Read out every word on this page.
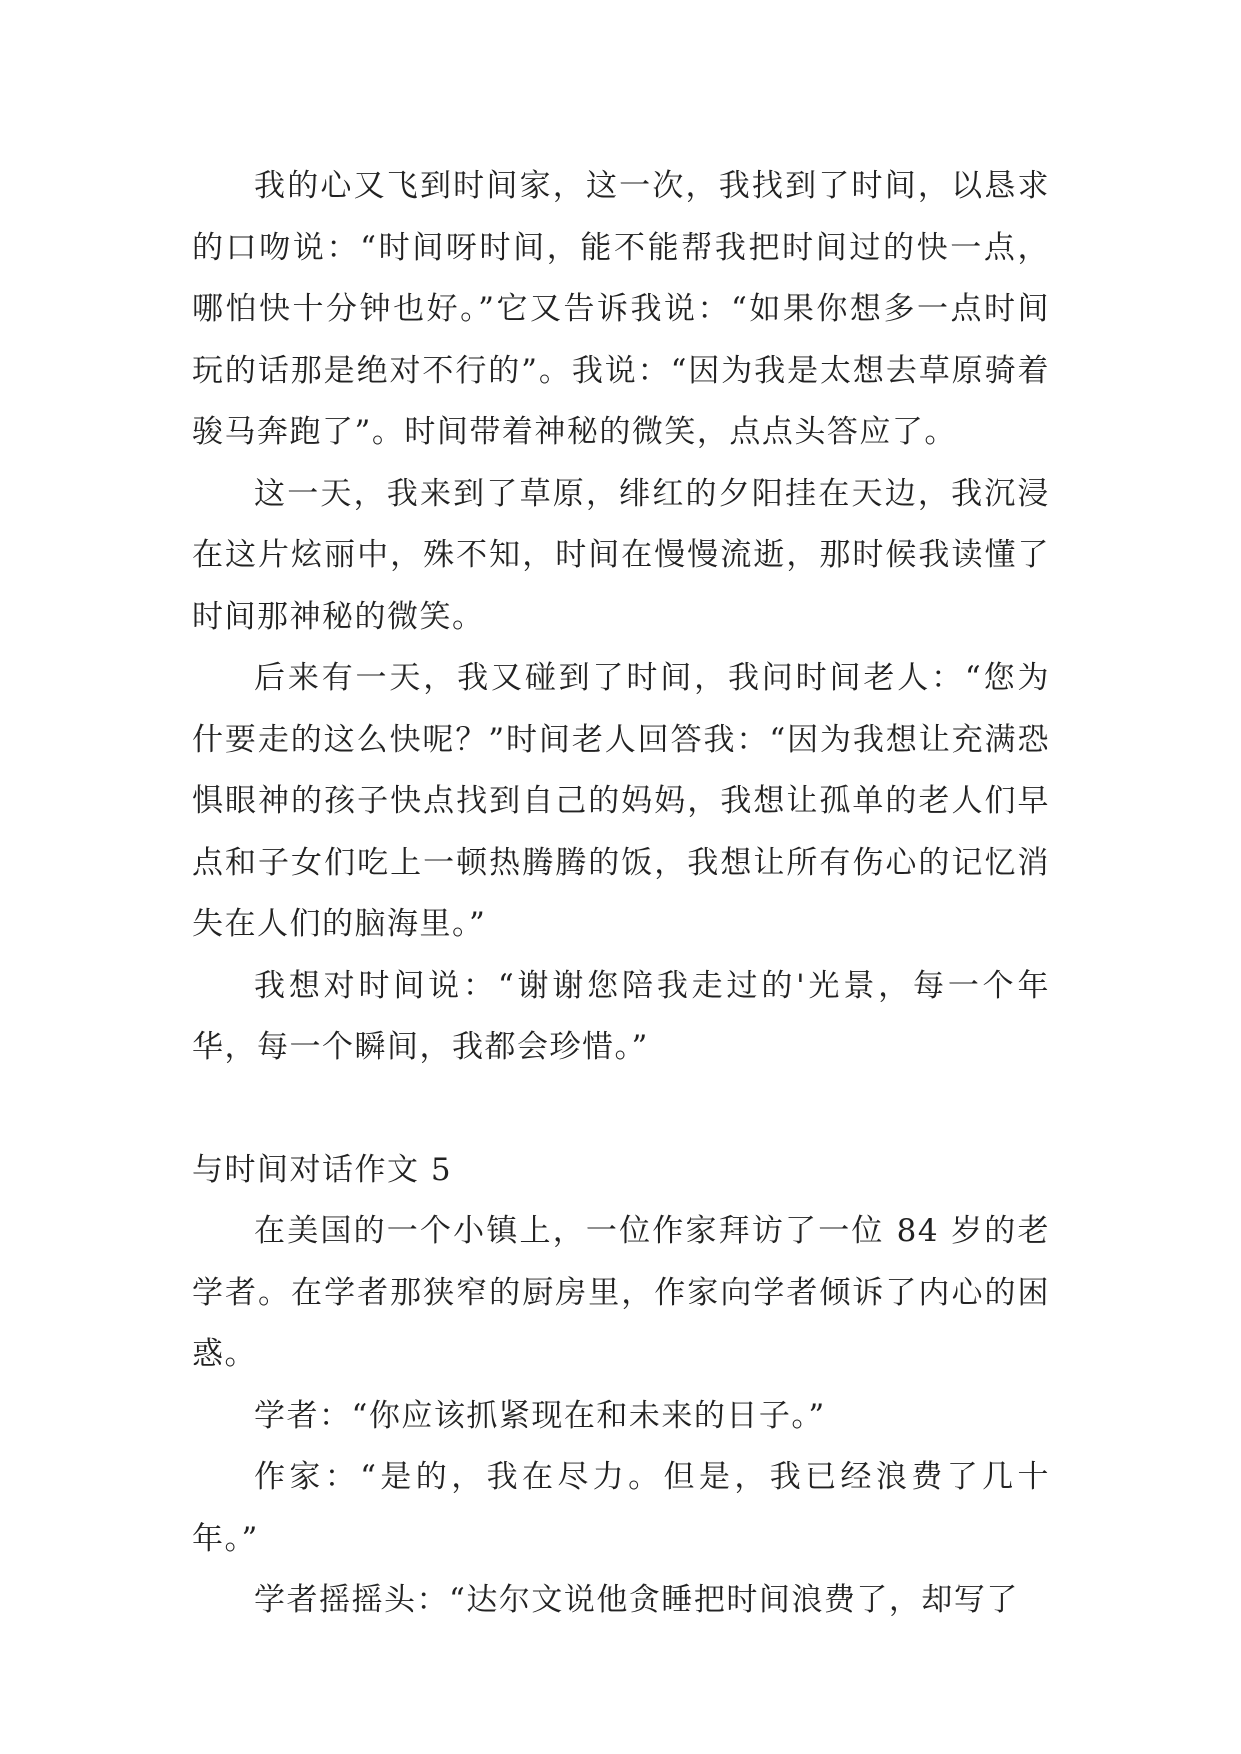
我的心又飞到时间家，这一次，我找到了时间，以恳求的口吻说：“时间呀时间，能不能帮我把时间过的快一点，哪怕快十分钟也好。”它又告诉我说：“如果你想多一点时间玩的话那是绝对不行的”。我说：“因为我是太想去草原骑着骏马奔跑了”。时间带着神秘的微笑，点点头答应了。

这一天，我来到了草原，绯红的夕阳挂在天边，我沉浸在这片炫丽中，殊不知，时间在慢慢流逝，那时候我读懂了时间那神秘的微笑。

后来有一天，我又碰到了时间，我问时间老人：“您为什要走的这么快呢？”时间老人回答我：“因为我想让充满恐惧眼神的孩子快点找到自己的妈妈，我想让孤单的老人们早点和子女们吃上一顿热腾腾的饭，我想让所有伤心的记忆消失在人们的脑海里。”

我想对时间说：“谢谢您陪我走过的'光景，每一个年华，每一个瞬间，我都会珍惜。”

与时间对话作文 5

在美国的一个小镇上，一位作家拜访了一位 84 岁的老学者。在学者那狭窄的厨房里，作家向学者倾诉了内心的困惑。

学者：“你应该抓紧现在和未来的日子。”

作家：“是的，我在尽力。但是，我已经浪费了几十年。”

学者摇摇头：“达尔文说他贪睡把时间浪费了，却写了
